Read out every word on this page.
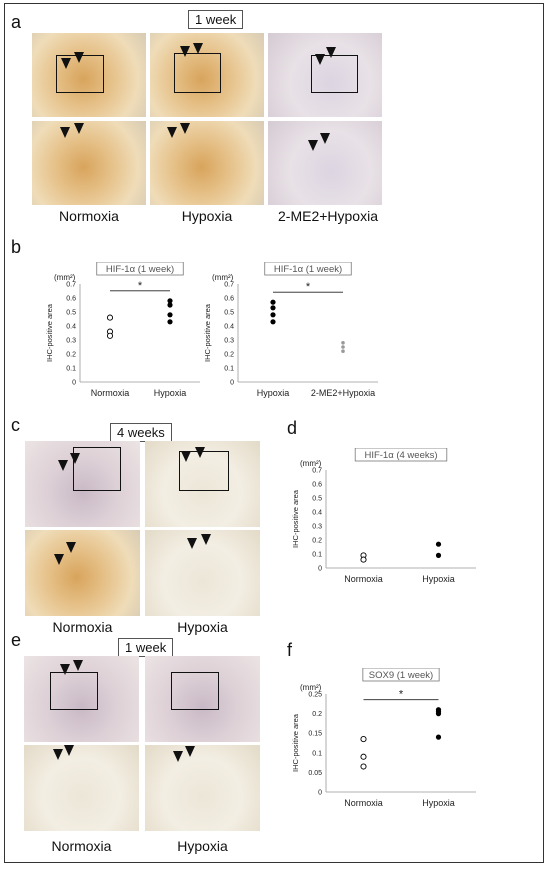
a	1 week
Normoxia	Hypoxia	2-ME2+Hypoxia
b
HIF-1α (1 week)
(mm²)
IHC-positive area
0
0.1
0.2
0.3
0.4
0.5
0.6
0.7
Normoxia	Hypoxia
*
HIF-1α (1 week)
(mm²)
IHC-positive area
0
0.1
0.2
0.3
0.4
0.5
0.6
0.7
Hypoxia 2-ME2+Hypoxia
*
c	4 weeks
Normoxia	Hypoxia
d
HIF-1α (4 weeks)
(mm²)
IHC-positive area
0
0.1
0.2
0.3
0.4
0.5
0.6
0.7
Normoxia	Hypoxia
e	1 week
Normoxia	Hypoxia
f
SOX9 (1 week)
(mm²)
IHC-positive area
0
0.05
0.1
0.15
0.2
0.25
Normoxia	Hypoxia
*
